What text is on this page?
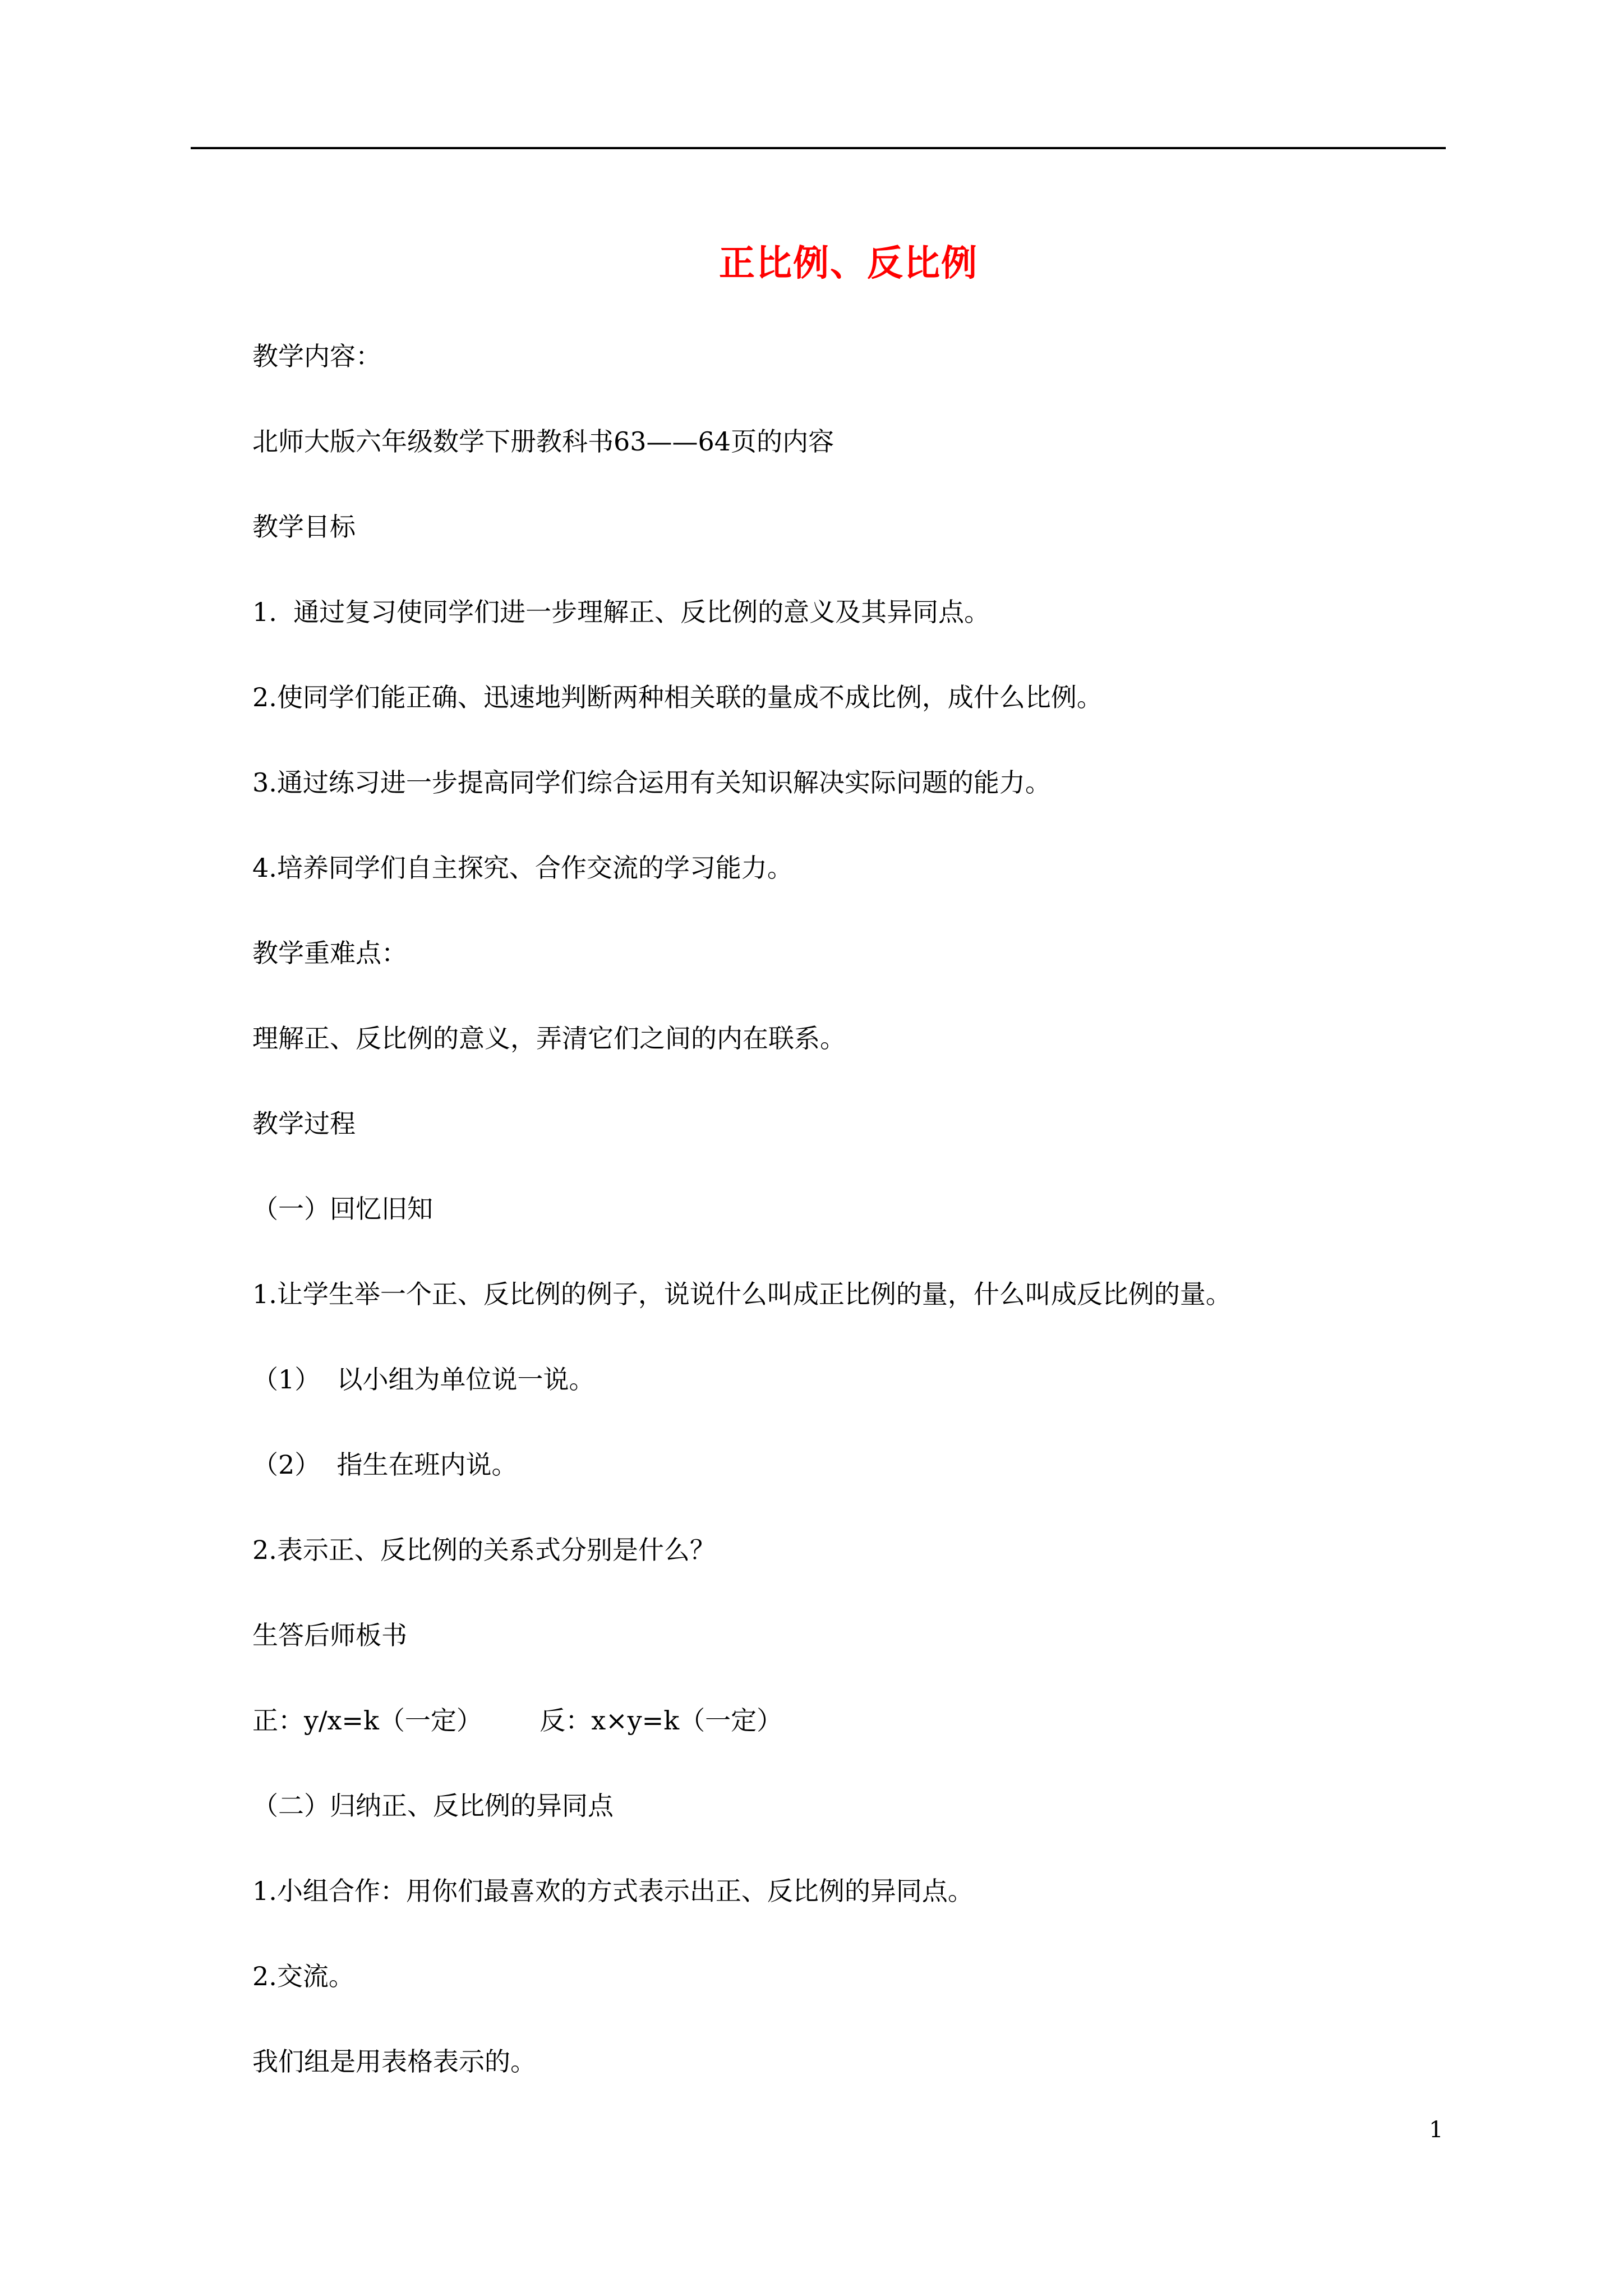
正比例、反比例
教学内容：
北师大版六年级数学下册教科书63——64页的内容
教学目标
1.  通过复习使同学们进一步理解正、反比例的意义及其异同点。
2.使同学们能正确、迅速地判断两种相关联的量成不成比例，成什么比例。
3.通过练习进一步提高同学们综合运用有关知识解决实际问题的能力。
4.培养同学们自主探究、合作交流的学习能力。
教学重难点：
理解正、反比例的意义，弄清它们之间的内在联系。
教学过程
（一）回忆旧知
1.让学生举一个正、反比例的例子，说说什么叫成正比例的量，什么叫成反比例的量。
（1）  以小组为单位说一说。
（2）  指生在班内说。
2.表示正、反比例的关系式分别是什么？
生答后师板书
正：y/x=k（一定）       反：x×y=k（一定）
（二）归纳正、反比例的异同点
1.小组合作：用你们最喜欢的方式表示出正、反比例的异同点。
2.交流。
我们组是用表格表示的。
1
